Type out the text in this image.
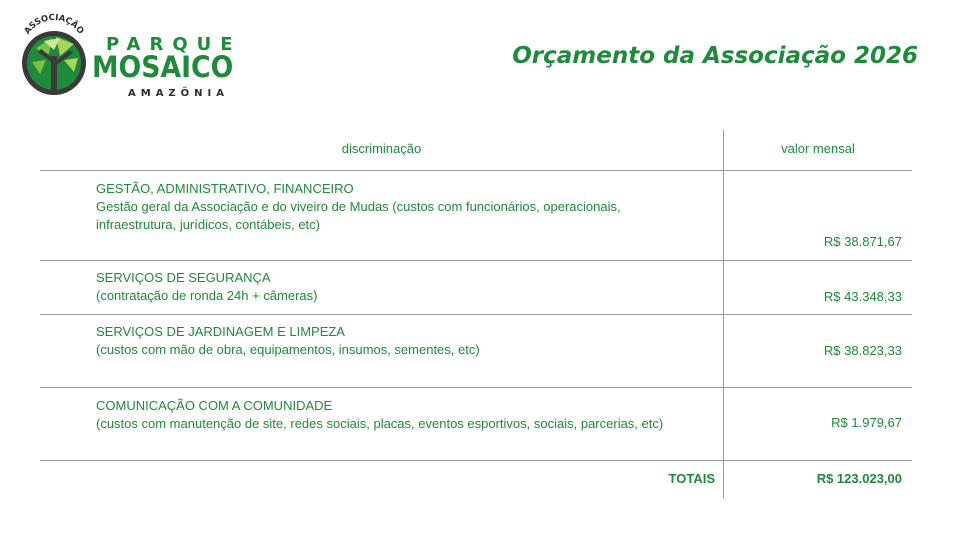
ASSOCIAÇÃO
PARQUE
MOSAICO
AMAZÔNIA
Orçamento da Associação 2026
discriminação	valor mensal
GESTÃO, ADMINISTRATIVO, FINANCEIRO
Gestão geral da Associação e do viveiro de Mudas (custos com funcionários, operacionais,
infraestrutura, jurídicos, contábeis, etc)
R$ 38.871,67
SERVIÇOS DE SEGURANÇA
(contratação de ronda 24h + câmeras)	R$ 43.348,33
SERVIÇOS DE JARDINAGEM E LIMPEZA
(custos com mão de obra, equipamentos, insumos, sementes, etc)	R$ 38.823,33
COMUNICAÇÃO COM A COMUNIDADE
(custos com manutenção de site, redes sociais, placas, eventos esportivos, sociais, parcerias, etc)	R$ 1.979,67
TOTAIS	R$ 123.023,00
